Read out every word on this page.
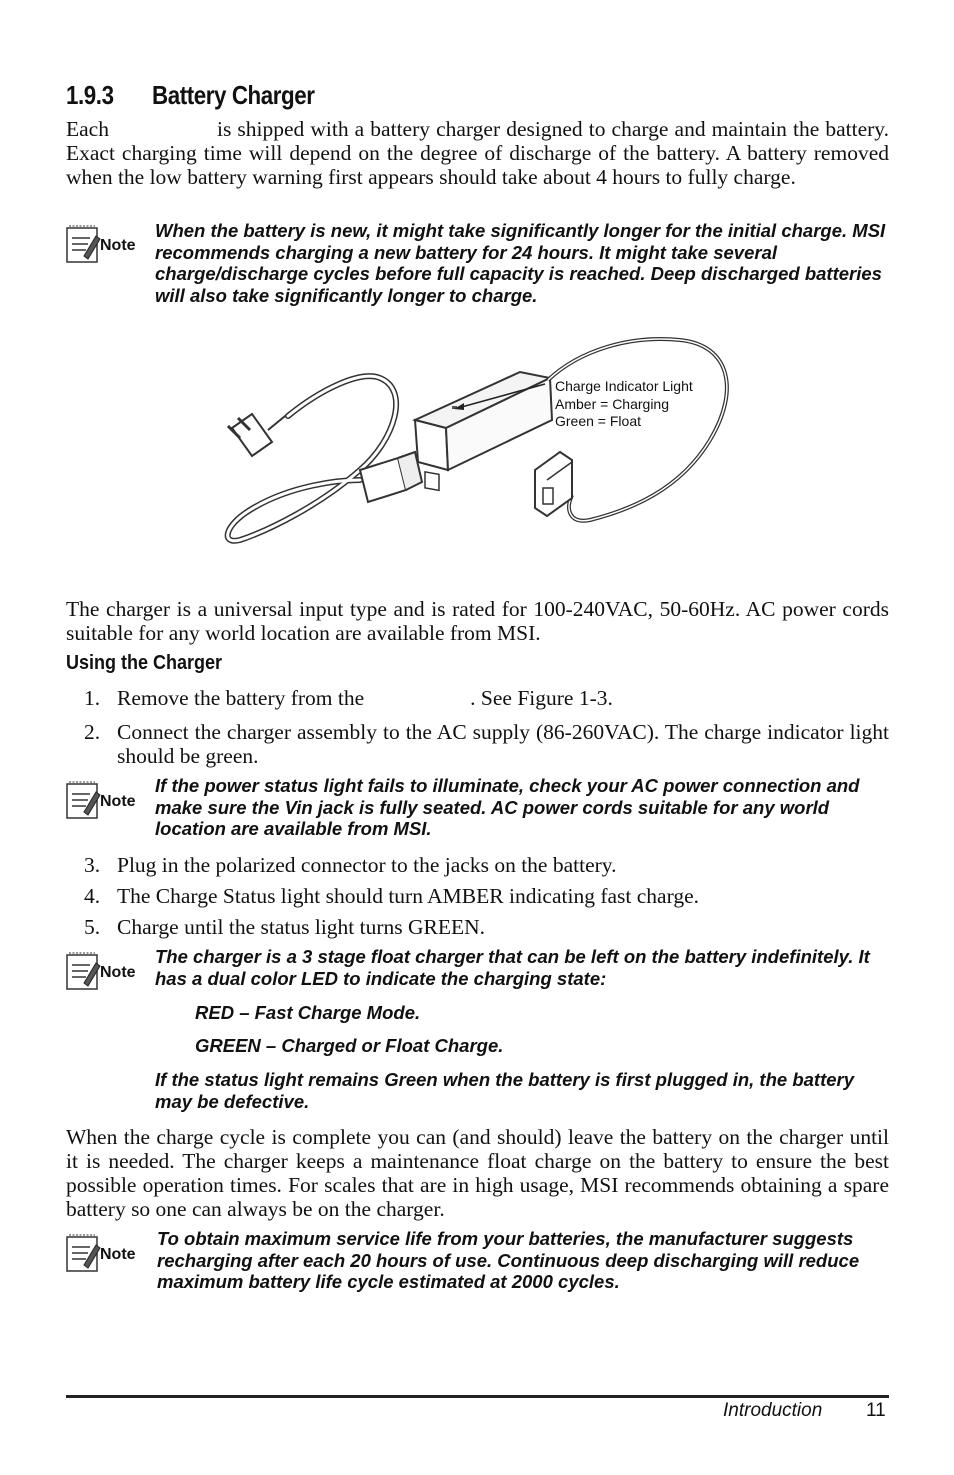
1.9.3 Battery Charger
Each	is shipped with a battery charger designed to charge and maintain the battery. Exact charging time will depend on the degree of discharge of the battery. A battery removed when the low battery warning first appears should take about 4 hours to fully charge.
Note
When the battery is new, it might take significantly longer for the initial charge. MSI recommends charging a new battery for 24 hours. It might take several charge/discharge cycles before full capacity is reached. Deep discharged batteries will also take significantly longer to charge.
Charge Indicator Light
Amber = Charging
Green = Float
The charger is a universal input type and is rated for 100-240VAC, 50-60Hz. AC power cords suitable for any world location are available from MSI.
Using the Charger
1. Remove the battery from the	. See Figure 1-3.
2. Connect the charger assembly to the AC supply (86-260VAC). The charge indicator light should be green.
Note
If the power status light fails to illuminate, check your AC power connection and make sure the Vin jack is fully seated. AC power cords suitable for any world location are available from MSI.
3. Plug in the polarized connector to the jacks on the battery.
4. The Charge Status light should turn AMBER indicating fast charge.
5. Charge until the status light turns GREEN.
Note
The charger is a 3 stage float charger that can be left on the battery indefinitely. It has a dual color LED to indicate the charging state:
RED – Fast Charge Mode.
GREEN – Charged or Float Charge.
If the status light remains Green when the battery is first plugged in, the battery may be defective.
When the charge cycle is complete you can (and should) leave the battery on the charger until it is needed. The charger keeps a maintenance float charge on the battery to ensure the best possible operation times. For scales that are in high usage, MSI recommends obtaining a spare battery so one can always be on the charger.
Note
To obtain maximum service life from your batteries, the manufacturer suggests recharging after each 20 hours of use. Continuous deep discharging will reduce maximum battery life cycle estimated at 2000 cycles.
Introduction 11
